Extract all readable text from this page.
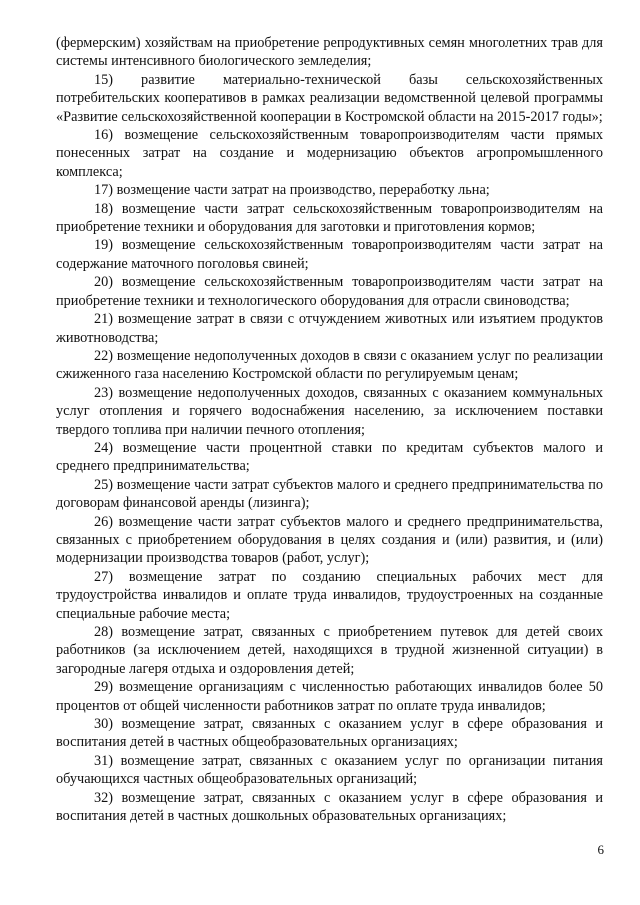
(фермерским) хозяйствам на приобретение репродуктивных семян многолетних трав для системы интенсивного биологического земледелия;

15) развитие материально-технической базы сельскохозяйственных потребительских кооперативов в рамках реализации ведомственной целевой программы «Развитие сельскохозяйственной кооперации в Костромской области на 2015-2017 годы»;

16) возмещение сельскохозяйственным товаропроизводителям части прямых понесенных затрат на создание и модернизацию объектов агропромышленного комплекса;

17) возмещение части затрат на производство, переработку льна;

18) возмещение части затрат сельскохозяйственным товаропроизводителям на приобретение техники и оборудования для заготовки и приготовления кормов;

19) возмещение сельскохозяйственным товаропроизводителям части затрат на содержание маточного поголовья свиней;

20) возмещение сельскохозяйственным товаропроизводителям части затрат на приобретение техники и технологического оборудования для отрасли свиноводства;

21) возмещение затрат в связи с отчуждением животных или изъятием продуктов животноводства;

22) возмещение недополученных доходов в связи с оказанием услуг по реализации сжиженного газа населению Костромской области по регулируемым ценам;

23) возмещение недополученных доходов, связанных с оказанием коммунальных услуг отопления и горячего водоснабжения населению, за исключением поставки твердого топлива при наличии печного отопления;

24) возмещение части процентной ставки по кредитам субъектов малого и среднего предпринимательства;

25) возмещение части затрат субъектов малого и среднего предпринимательства по договорам финансовой аренды (лизинга);

26) возмещение части затрат субъектов малого и среднего предпринимательства, связанных с приобретением оборудования в целях создания и (или) развития, и (или) модернизации производства товаров (работ, услуг);

27) возмещение затрат по созданию специальных рабочих мест для трудоустройства инвалидов и оплате труда инвалидов, трудоустроенных на созданные специальные рабочие места;

28) возмещение затрат, связанных с приобретением путевок для детей своих работников (за исключением детей, находящихся в трудной жизненной ситуации) в загородные лагеря отдыха и оздоровления детей;

29) возмещение организациям с численностью работающих инвалидов более 50 процентов от общей численности работников затрат по оплате труда инвалидов;

30) возмещение затрат, связанных с оказанием услуг в сфере образования и воспитания детей в частных общеобразовательных организациях;

31) возмещение затрат, связанных с оказанием услуг по организации питания обучающихся частных общеобразовательных организаций;

32) возмещение затрат, связанных с оказанием услуг в сфере образования и воспитания детей в частных дошкольных образовательных организациях;

6
